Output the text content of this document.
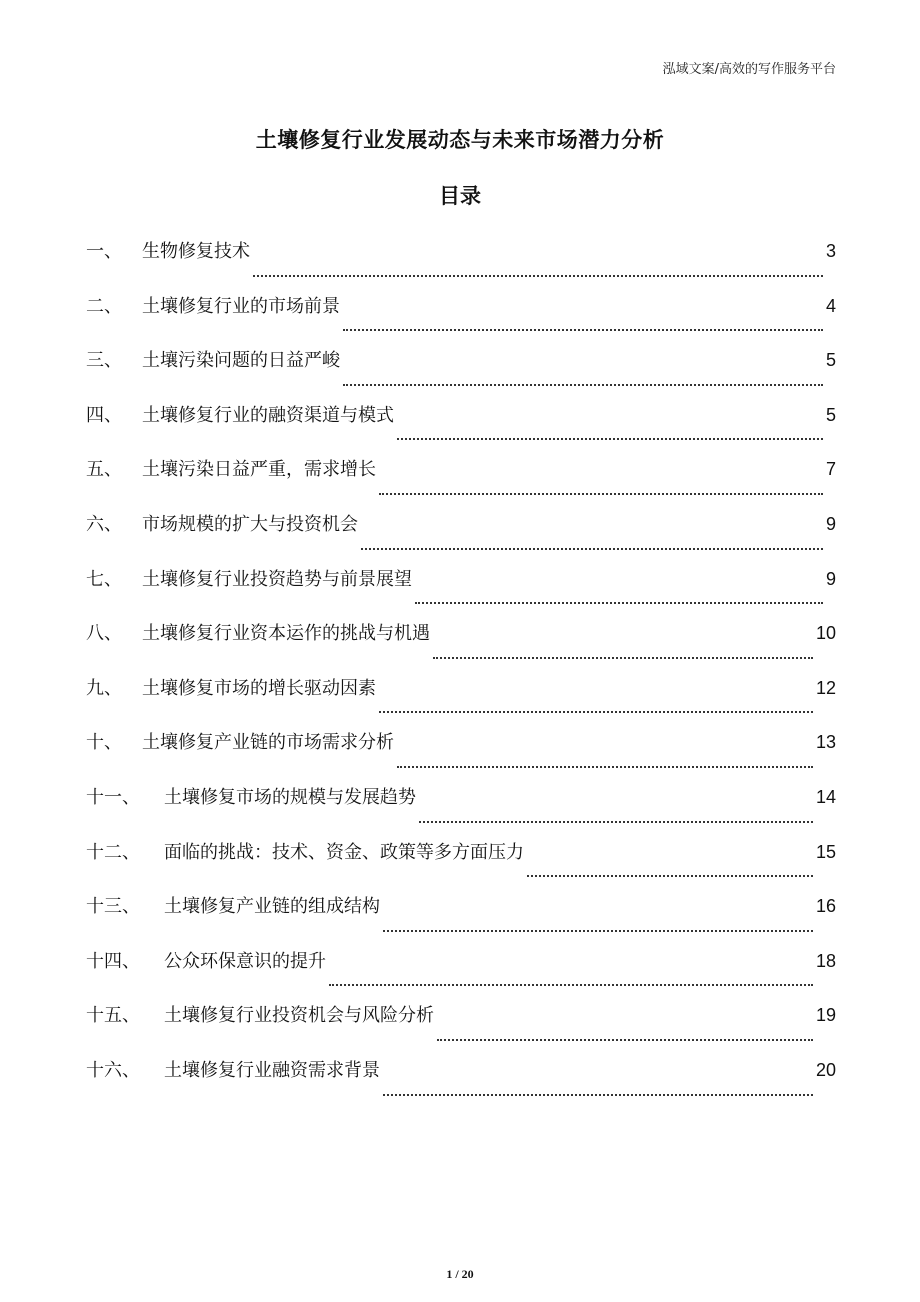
泓域文案/高效的写作服务平台
土壤修复行业发展动态与未来市场潜力分析
目录
一、	生物修复技术	3
二、	土壤修复行业的市场前景	4
三、	土壤污染问题的日益严峻	5
四、	土壤修复行业的融资渠道与模式	5
五、	土壤污染日益严重，需求增长	7
六、	市场规模的扩大与投资机会	9
七、	土壤修复行业投资趋势与前景展望	9
八、	土壤修复行业资本运作的挑战与机遇	10
九、	土壤修复市场的增长驱动因素	12
十、	土壤修复产业链的市场需求分析	13
十一、	土壤修复市场的规模与发展趋势	14
十二、	面临的挑战：技术、资金、政策等多方面压力	15
十三、	土壤修复产业链的组成结构	16
十四、	公众环保意识的提升	18
十五、	土壤修复行业投资机会与风险分析	19
十六、	土壤修复行业融资需求背景	20
1 / 20
